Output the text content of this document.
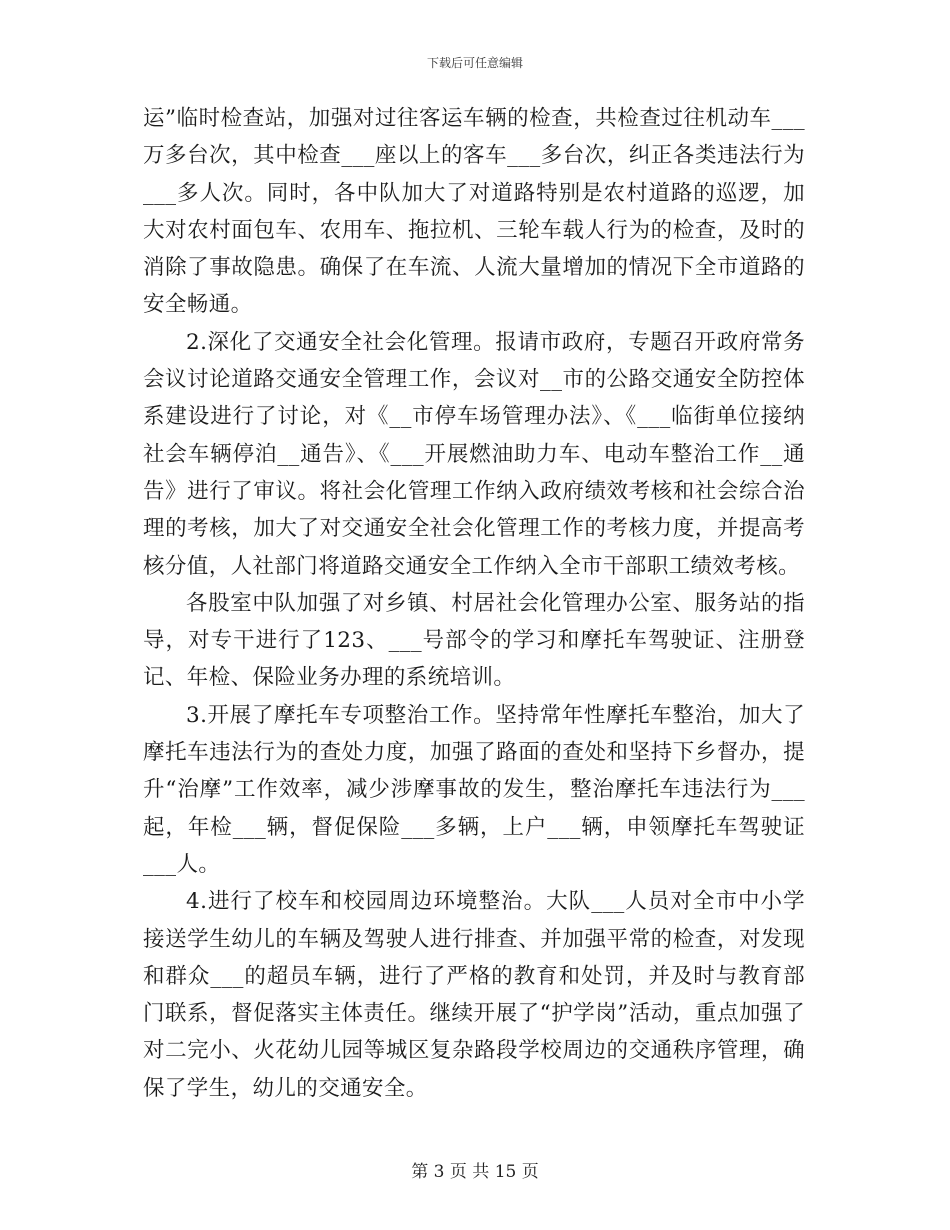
下载后可任意编辑

运”临时检查站，加强对过往客运车辆的检查，共检查过往机动车___万多台次，其中检查___座以上的客车___多台次，纠正各类违法行为___多人次。同时，各中队加大了对道路特别是农村道路的巡逻，加大对农村面包车、农用车、拖拉机、三轮车载人行为的检查，及时的消除了事故隐患。确保了在车流、人流大量增加的情况下全市道路的安全畅通。

2.深化了交通安全社会化管理。报请市政府，专题召开政府常务会议讨论道路交通安全管理工作，会议对__市的公路交通安全防控体系建设进行了讨论，对《__市停车场管理办法》、《___临街单位接纳社会车辆停泊__通告》、《___开展燃油助力车、电动车整治工作__通告》进行了审议。将社会化管理工作纳入政府绩效考核和社会综合治理的考核，加大了对交通安全社会化管理工作的考核力度，并提高考核分值，人社部门将道路交通安全工作纳入全市干部职工绩效考核。

各股室中队加强了对乡镇、村居社会化管理办公室、服务站的指导，对专干进行了123、___号部令的学习和摩托车驾驶证、注册登记、年检、保险业务办理的系统培训。

3.开展了摩托车专项整治工作。坚持常年性摩托车整治，加大了摩托车违法行为的查处力度，加强了路面的查处和坚持下乡督办，提升“治摩”工作效率，减少涉摩事故的发生，整治摩托车违法行为___起，年检___辆，督促保险___多辆，上户___辆，申领摩托车驾驶证___人。

4.进行了校车和校园周边环境整治。大队___人员对全市中小学接送学生幼儿的车辆及驾驶人进行排查、并加强平常的检查，对发现和群众___的超员车辆，进行了严格的教育和处罚，并及时与教育部门联系，督促落实主体责任。继续开展了“护学岗”活动，重点加强了对二完小、火花幼儿园等城区复杂路段学校周边的交通秩序管理，确保了学生，幼儿的交通安全。

第 3 页 共 15 页
